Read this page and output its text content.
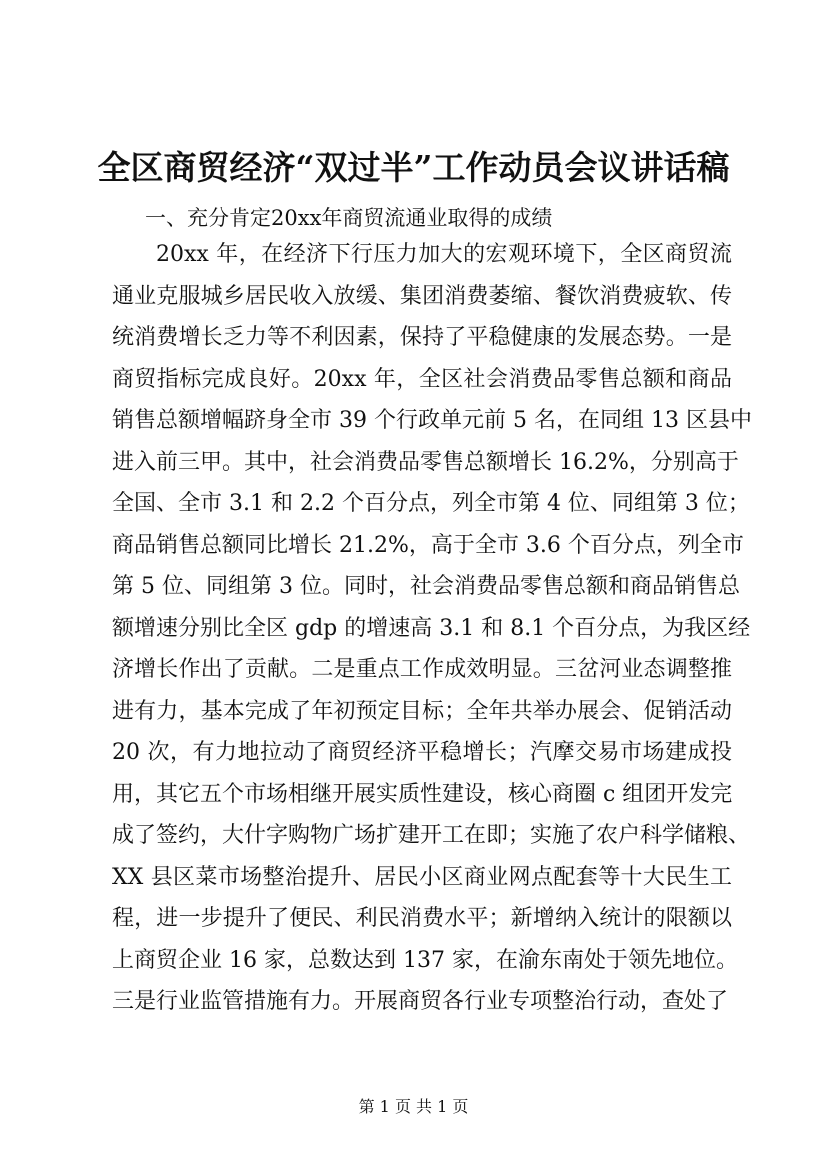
全区商贸经济“双过半”工作动员会议讲话稿
一、充分肯定20xx年商贸流通业取得的成绩
20xx 年，在经济下行压力加大的宏观环境下，全区商贸流
通业克服城乡居民收入放缓、集团消费萎缩、餐饮消费疲软、传
统消费增长乏力等不利因素，保持了平稳健康的发展态势。一是
商贸指标完成良好。20xx 年，全区社会消费品零售总额和商品
销售总额增幅跻身全市 39 个行政单元前 5 名，在同组 13 区县中
进入前三甲。其中，社会消费品零售总额增长 16.2%，分别高于
全国、全市 3.1 和 2.2 个百分点，列全市第 4 位、同组第 3 位；
商品销售总额同比增长 21.2%，高于全市 3.6 个百分点，列全市
第 5 位、同组第 3 位。同时，社会消费品零售总额和商品销售总
额增速分别比全区 gdp 的增速高 3.1 和 8.1 个百分点，为我区经
济增长作出了贡献。二是重点工作成效明显。三岔河业态调整推
进有力，基本完成了年初预定目标；全年共举办展会、促销活动
20 次，有力地拉动了商贸经济平稳增长；汽摩交易市场建成投
用，其它五个市场相继开展实质性建设，核心商圈 c 组团开发完
成了签约，大什字购物广场扩建开工在即；实施了农户科学储粮、
XX 县区菜市场整治提升、居民小区商业网点配套等十大民生工
程，进一步提升了便民、利民消费水平；新增纳入统计的限额以
上商贸企业 16 家，总数达到 137 家，在渝东南处于领先地位。
三是行业监管措施有力。开展商贸各行业专项整治行动，查处了
第 1 页 共 1 页
